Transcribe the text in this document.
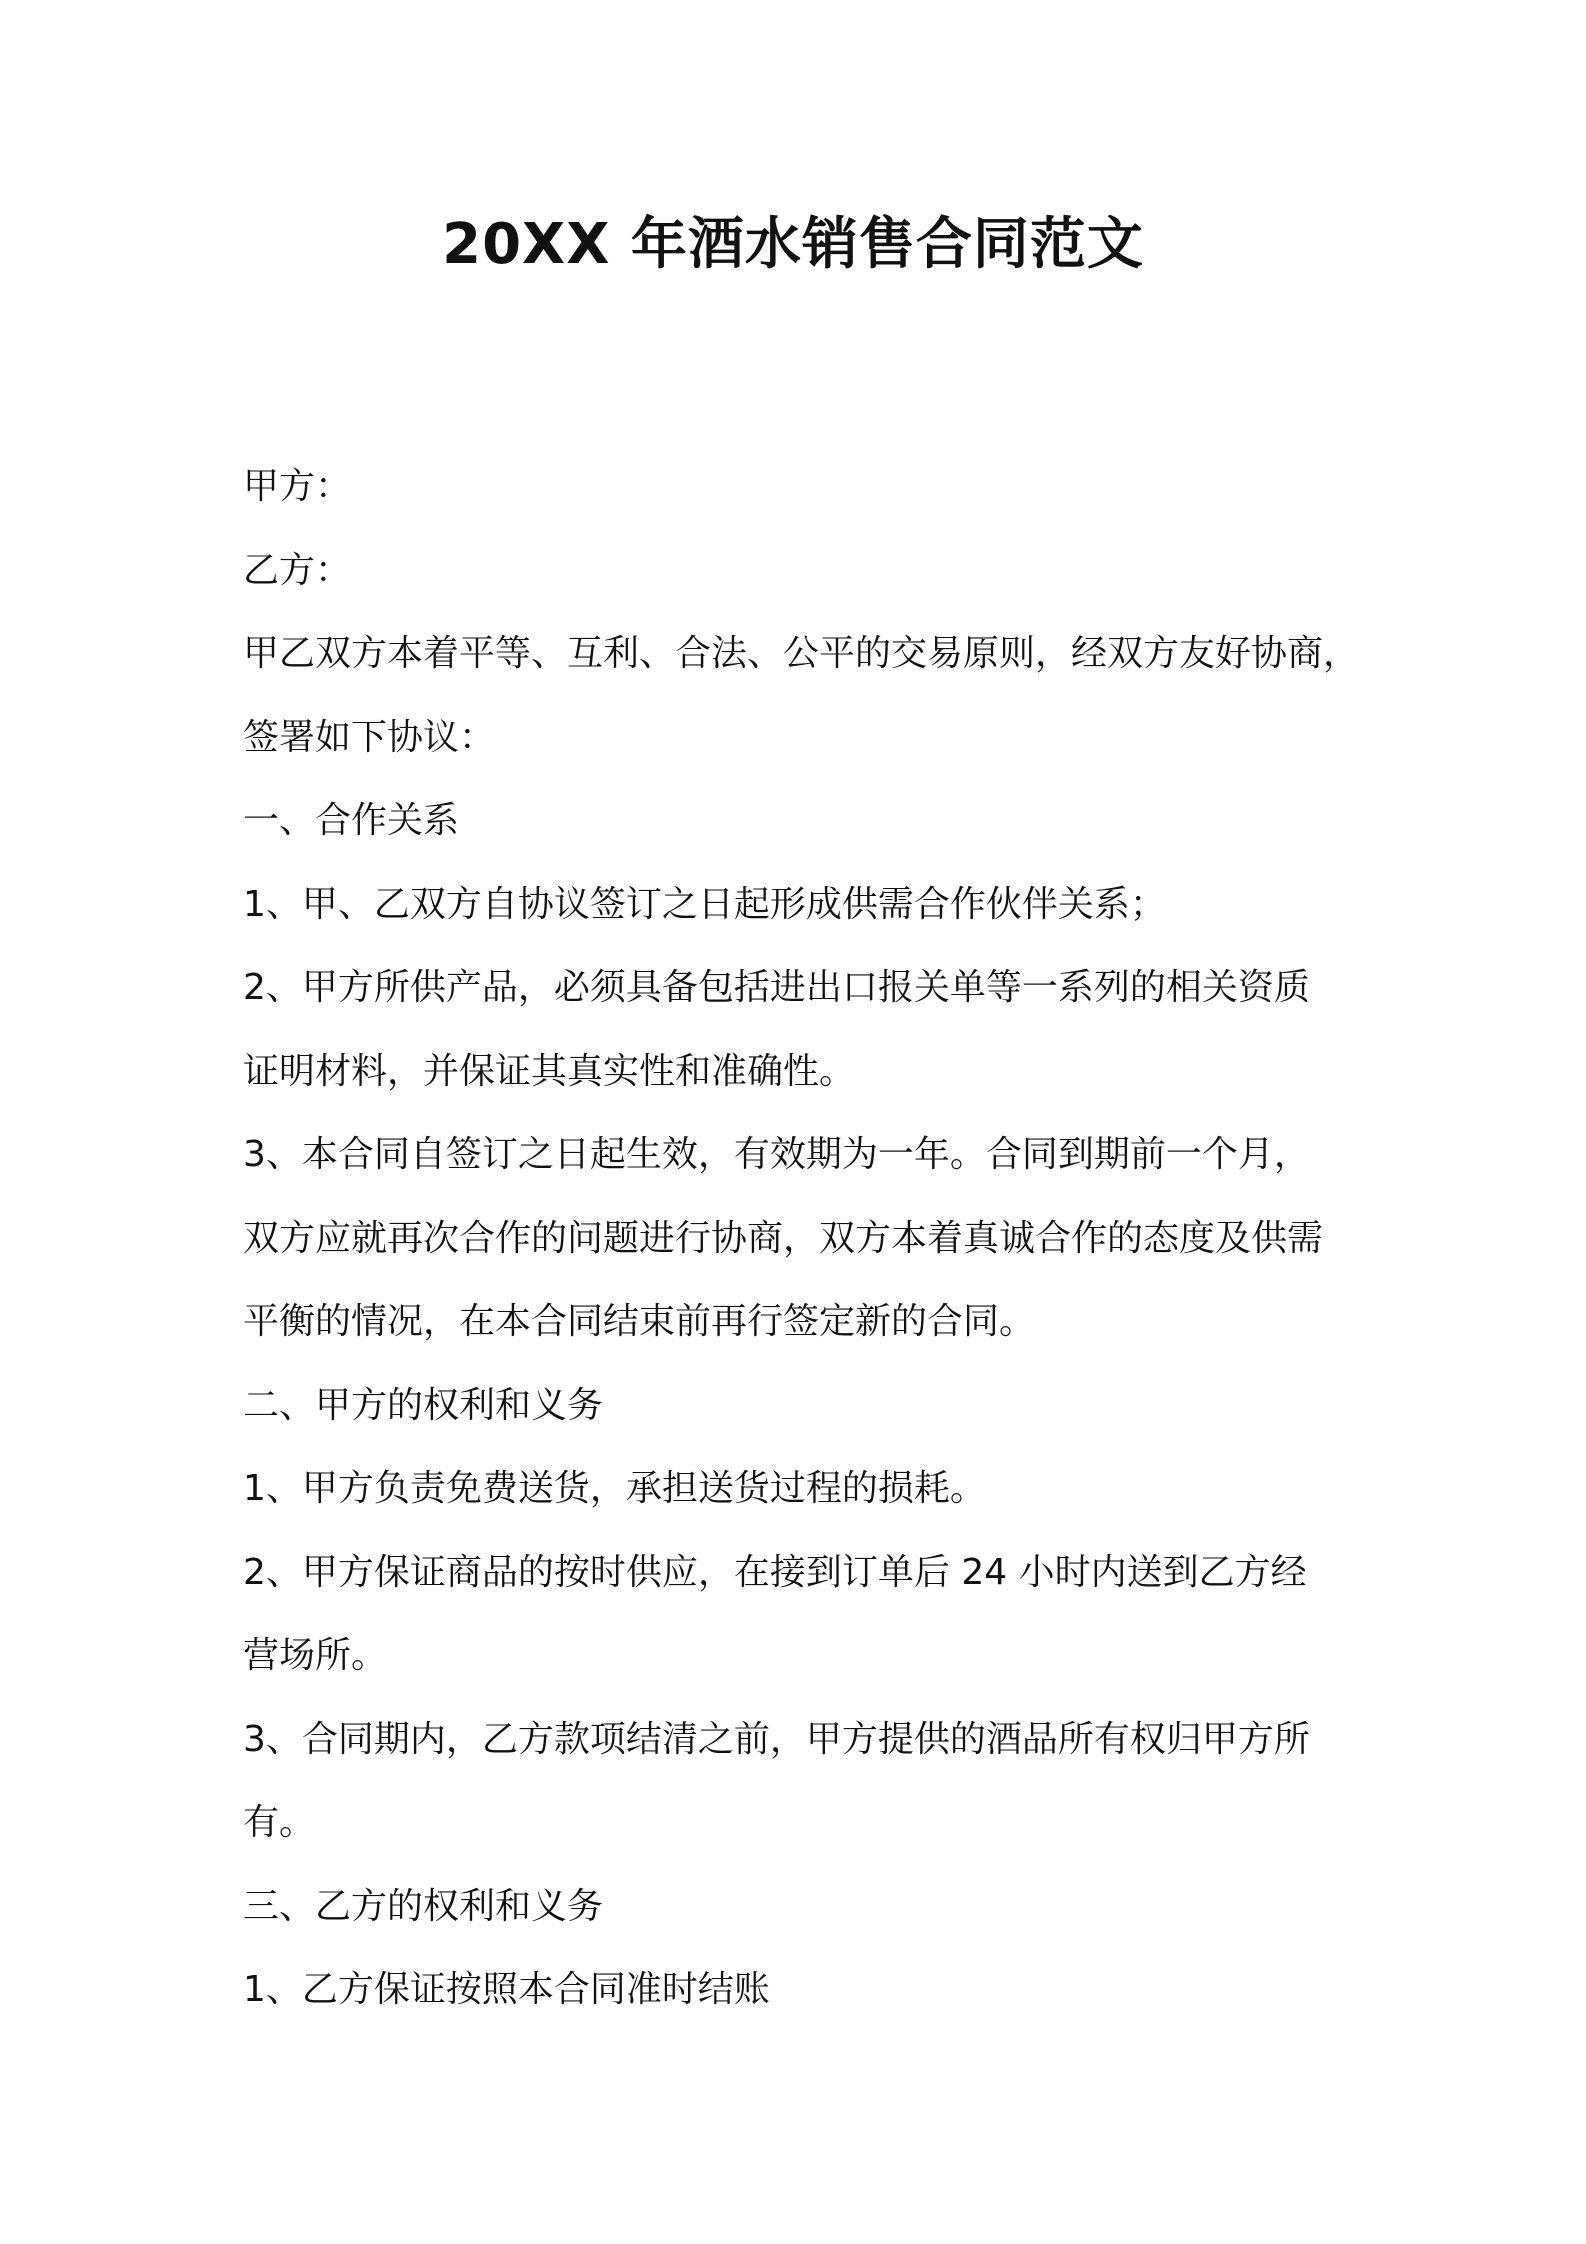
20XX 年酒水销售合同范文
甲方：
乙方：
甲乙双方本着平等、互利、合法、公平的交易原则，经双方友好协商，
签署如下协议：
一、合作关系
1、甲、乙双方自协议签订之日起形成供需合作伙伴关系；
2、甲方所供产品，必须具备包括进出口报关单等一系列的相关资质
证明材料，并保证其真实性和准确性。
3、本合同自签订之日起生效，有效期为一年。合同到期前一个月，
双方应就再次合作的问题进行协商，双方本着真诚合作的态度及供需
平衡的情况，在本合同结束前再行签定新的合同。
二、甲方的权利和义务
1、甲方负责免费送货，承担送货过程的损耗。
2、甲方保证商品的按时供应，在接到订单后 24 小时内送到乙方经
营场所。
3、合同期内，乙方款项结清之前，甲方提供的酒品所有权归甲方所
有。
三、乙方的权利和义务
1、乙方保证按照本合同准时结账
